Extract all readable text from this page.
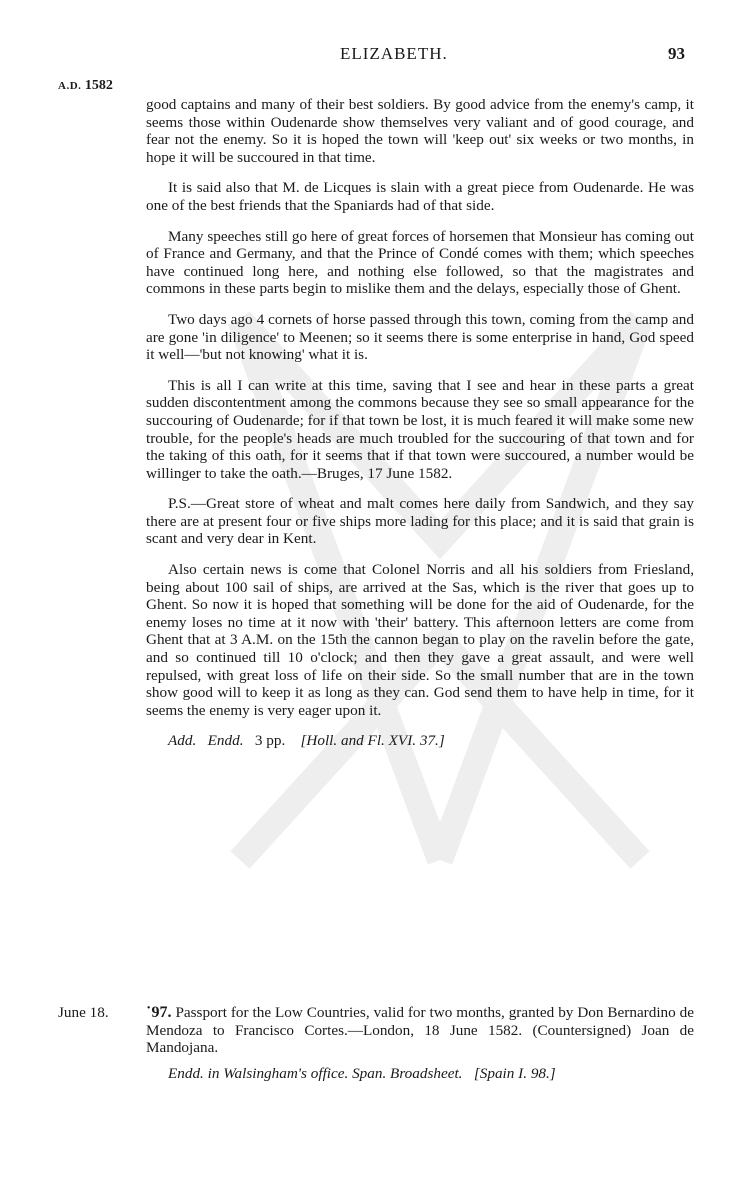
ELIZABETH.	93
A.D. 1582

good captains and many of their best soldiers. By good advice from the enemy's camp, it seems those within Oudenarde show themselves very valiant and of good courage, and fear not the enemy. So it is hoped the town will 'keep out' six weeks or two months, in hope it will be succoured in that time.

It is said also that M. de Licques is slain with a great piece from Oudenarde. He was one of the best friends that the Spaniards had of that side.

Many speeches still go here of great forces of horsemen that Monsieur has coming out of France and Germany, and that the Prince of Condé comes with them; which speeches have continued long here, and nothing else followed, so that the magistrates and commons in these parts begin to mislike them and the delays, especially those of Ghent.

Two days ago 4 cornets of horse passed through this town, coming from the camp and are gone 'in diligence' to Meenen; so it seems there is some enterprise in hand, God speed it well—'but not knowing' what it is.

This is all I can write at this time, saving that I see and hear in these parts a great sudden discontentment among the commons because they see so small appearance for the succouring of Oudenarde; for if that town be lost, it is much feared it will make some new trouble, for the people's heads are much troubled for the succouring of that town and for the taking of this oath, for it seems that if that town were succoured, a number would be willinger to take the oath.—Bruges, 17 June 1582.

P.S.—Great store of wheat and malt comes here daily from Sandwich, and they say there are at present four or five ships more lading for this place; and it is said that grain is scant and very dear in Kent.

Also certain news is come that Colonel Norris and all his soldiers from Friesland, being about 100 sail of ships, are arrived at the Sas, which is the river that goes up to Ghent. So now it is hoped that something will be done for the aid of Oudenarde, for the enemy loses no time at it now with 'their' battery. This afternoon letters are come from Ghent that at 3 A.M. on the 15th the cannon began to play on the ravelin before the gate, and so continued till 10 o'clock; and then they gave a great assault, and were well repulsed, with great loss of life on their side. So the small number that are in the town show good will to keep it as long as they can. God send them to have help in time, for it seems the enemy is very eager upon it.

Add. Endd. 3 pp. [Holl. and Fl. XVI. 37.]

June 18.	˙97. Passport for the Low Countries, valid for two months, granted by Don Bernardino de Mendoza to Francisco Cortes.—London, 18 June 1582. (Countersigned) Joan de Mandojana.

Endd. in Walsingham's office. Span. Broadsheet. [Spain I. 98.]
